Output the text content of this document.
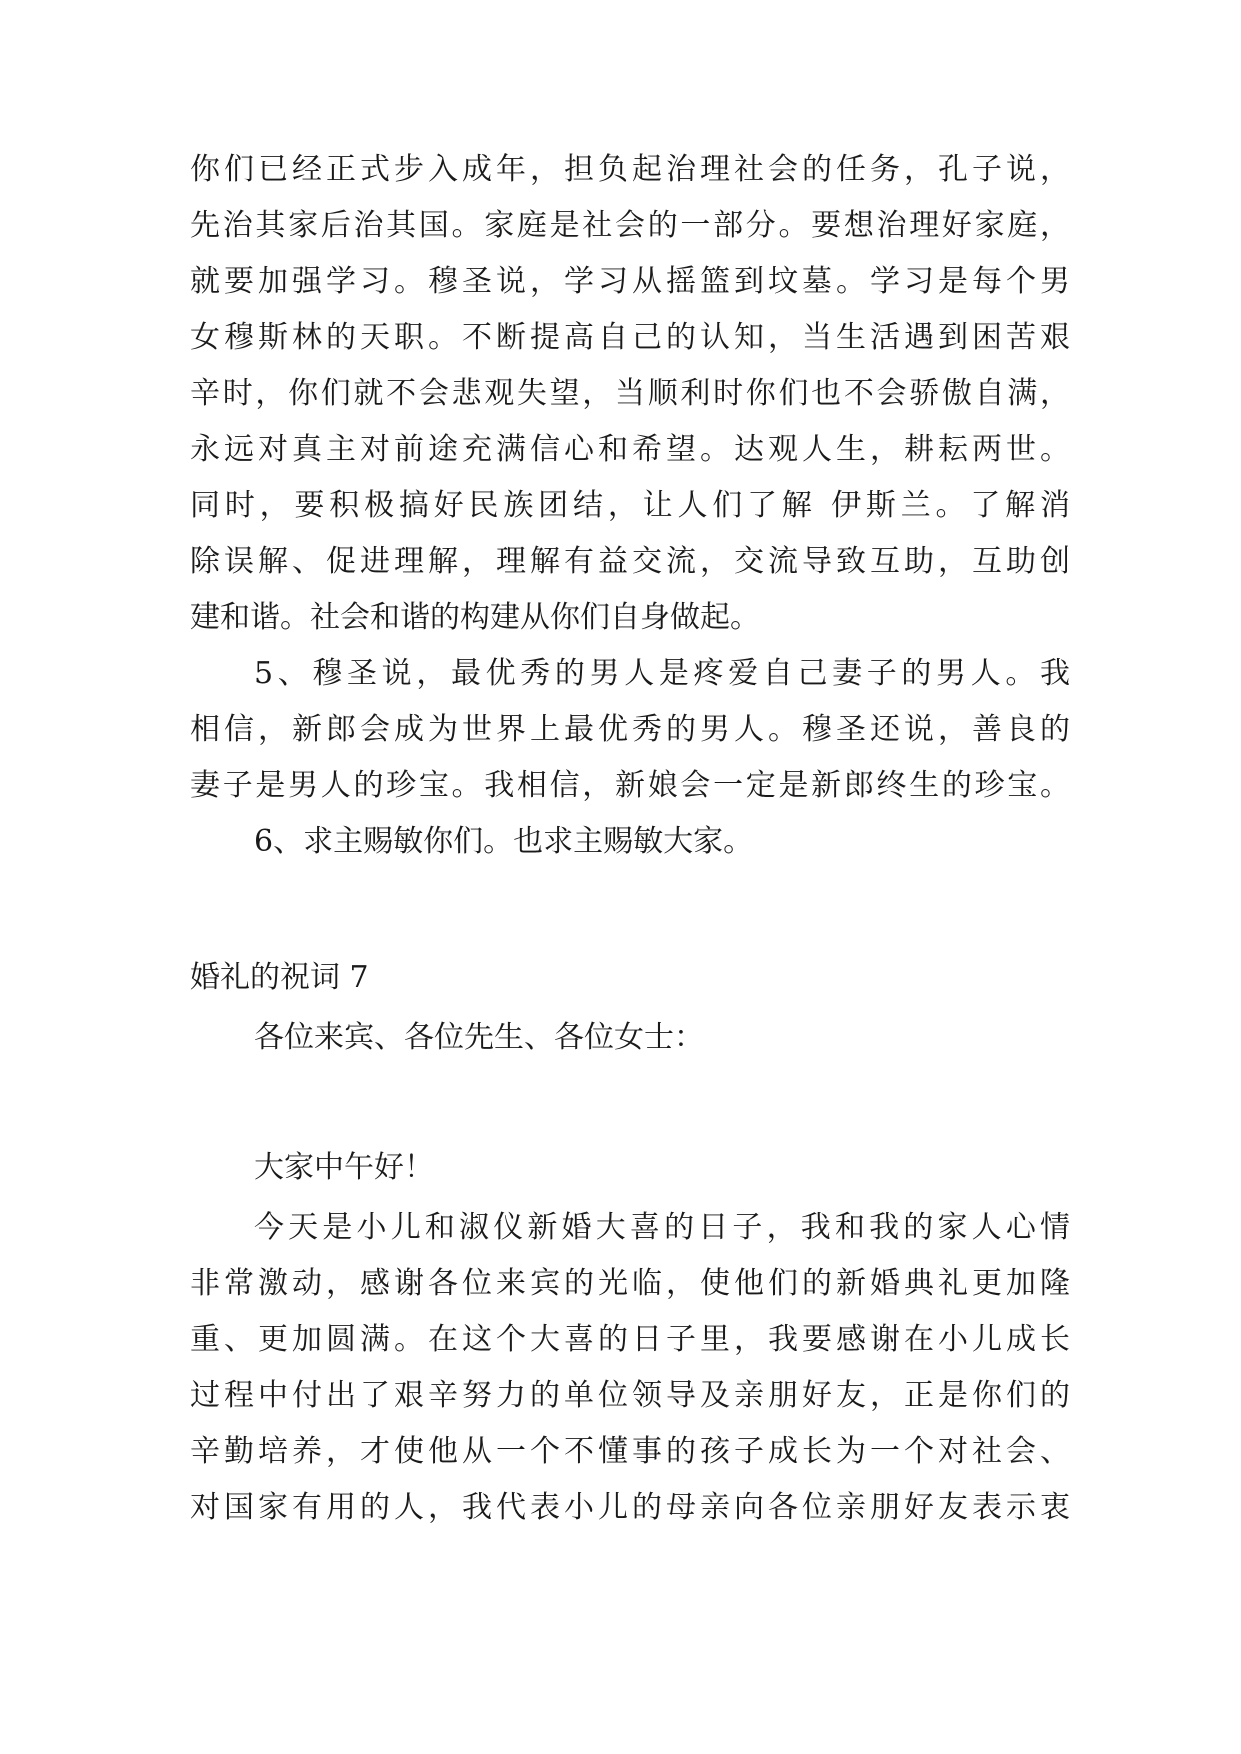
你们已经正式步入成年，担负起治理社会的任务，孔子说，
先治其家后治其国。家庭是社会的一部分。要想治理好家庭，
就要加强学习。穆圣说，学习从摇篮到坟墓。学习是每个男
女穆斯林的天职。不断提高自己的认知，当生活遇到困苦艰
辛时，你们就不会悲观失望，当顺利时你们也不会骄傲自满，
永远对真主对前途充满信心和希望。达观人生，耕耘两世。
同时，要积极搞好民族团结，让人们了解 伊斯兰。了解消
除误解、促进理解，理解有益交流，交流导致互助，互助创
建和谐。社会和谐的构建从你们自身做起。
5、穆圣说，最优秀的男人是疼爱自己妻子的男人。我
相信，新郎会成为世界上最优秀的男人。穆圣还说，善良的
妻子是男人的珍宝。我相信，新娘会一定是新郎终生的珍宝。
6、求主赐敏你们。也求主赐敏大家。
婚礼的祝词 7
各位来宾、各位先生、各位女士：
大家中午好！
今天是小儿和淑仪新婚大喜的日子，我和我的家人心情
非常激动，感谢各位来宾的光临，使他们的新婚典礼更加隆
重、更加圆满。在这个大喜的日子里，我要感谢在小儿成长
过程中付出了艰辛努力的单位领导及亲朋好友，正是你们的
辛勤培养，才使他从一个不懂事的孩子成长为一个对社会、
对国家有用的人，我代表小儿的母亲向各位亲朋好友表示衷
